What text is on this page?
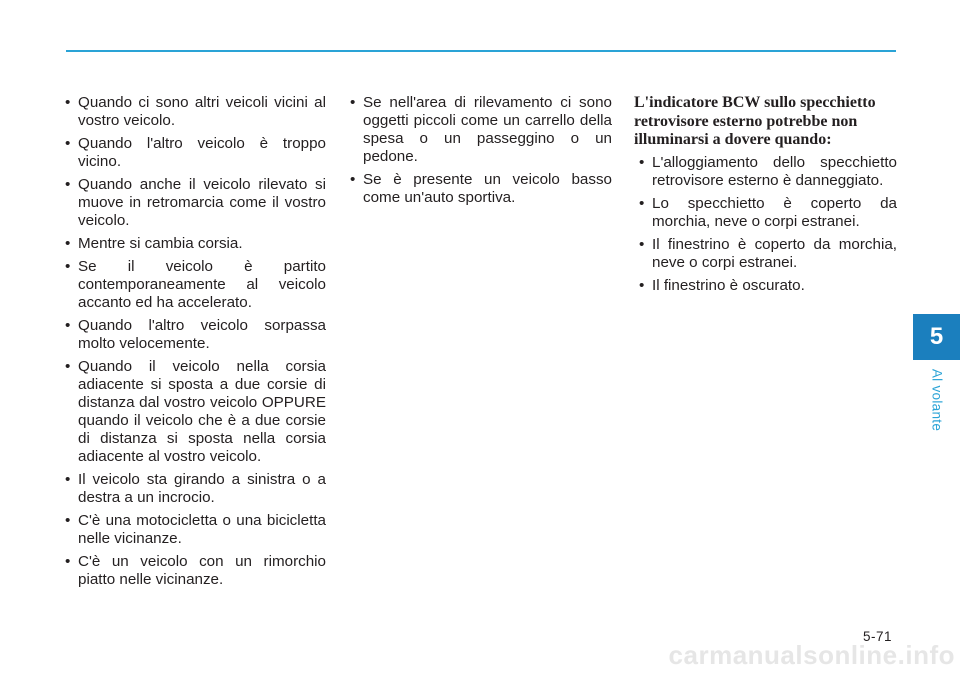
• Quando ci sono altri veicoli vicini al vostro veicolo.
• Quando l'altro veicolo è troppo vicino.
• Quando anche il veicolo rilevato si muove in retromarcia come il vostro veicolo.
• Mentre si cambia corsia.
• Se il veicolo è partito contemporaneamente al veicolo accanto ed ha accelerato.
• Quando l'altro veicolo sorpassa molto velocemente.
• Quando il veicolo nella corsia adiacente si sposta a due corsie di distanza dal vostro veicolo OPPURE quando il veicolo che è a due corsie di distanza si sposta nella corsia adiacente al vostro veicolo.
• Il veicolo sta girando a sinistra o a destra a un incrocio.
• C'è una motocicletta o una bicicletta nelle vicinanze.
• C'è un veicolo con un rimorchio piatto nelle vicinanze.
• Se nell'area di rilevamento ci sono oggetti piccoli come un carrello della spesa o un passeggino o un pedone.
• Se è presente un veicolo basso come un'auto sportiva.
L'indicatore BCW sullo specchietto retrovisore esterno potrebbe non illuminarsi a dovere quando:
• L'alloggiamento dello specchietto retrovisore esterno è danneggiato.
• Lo specchietto è coperto da morchia, neve o corpi estranei.
• Il finestrino è coperto da morchia, neve o corpi estranei.
• Il finestrino è oscurato.
5
Al volante
5-71
carmanualsonline.info
